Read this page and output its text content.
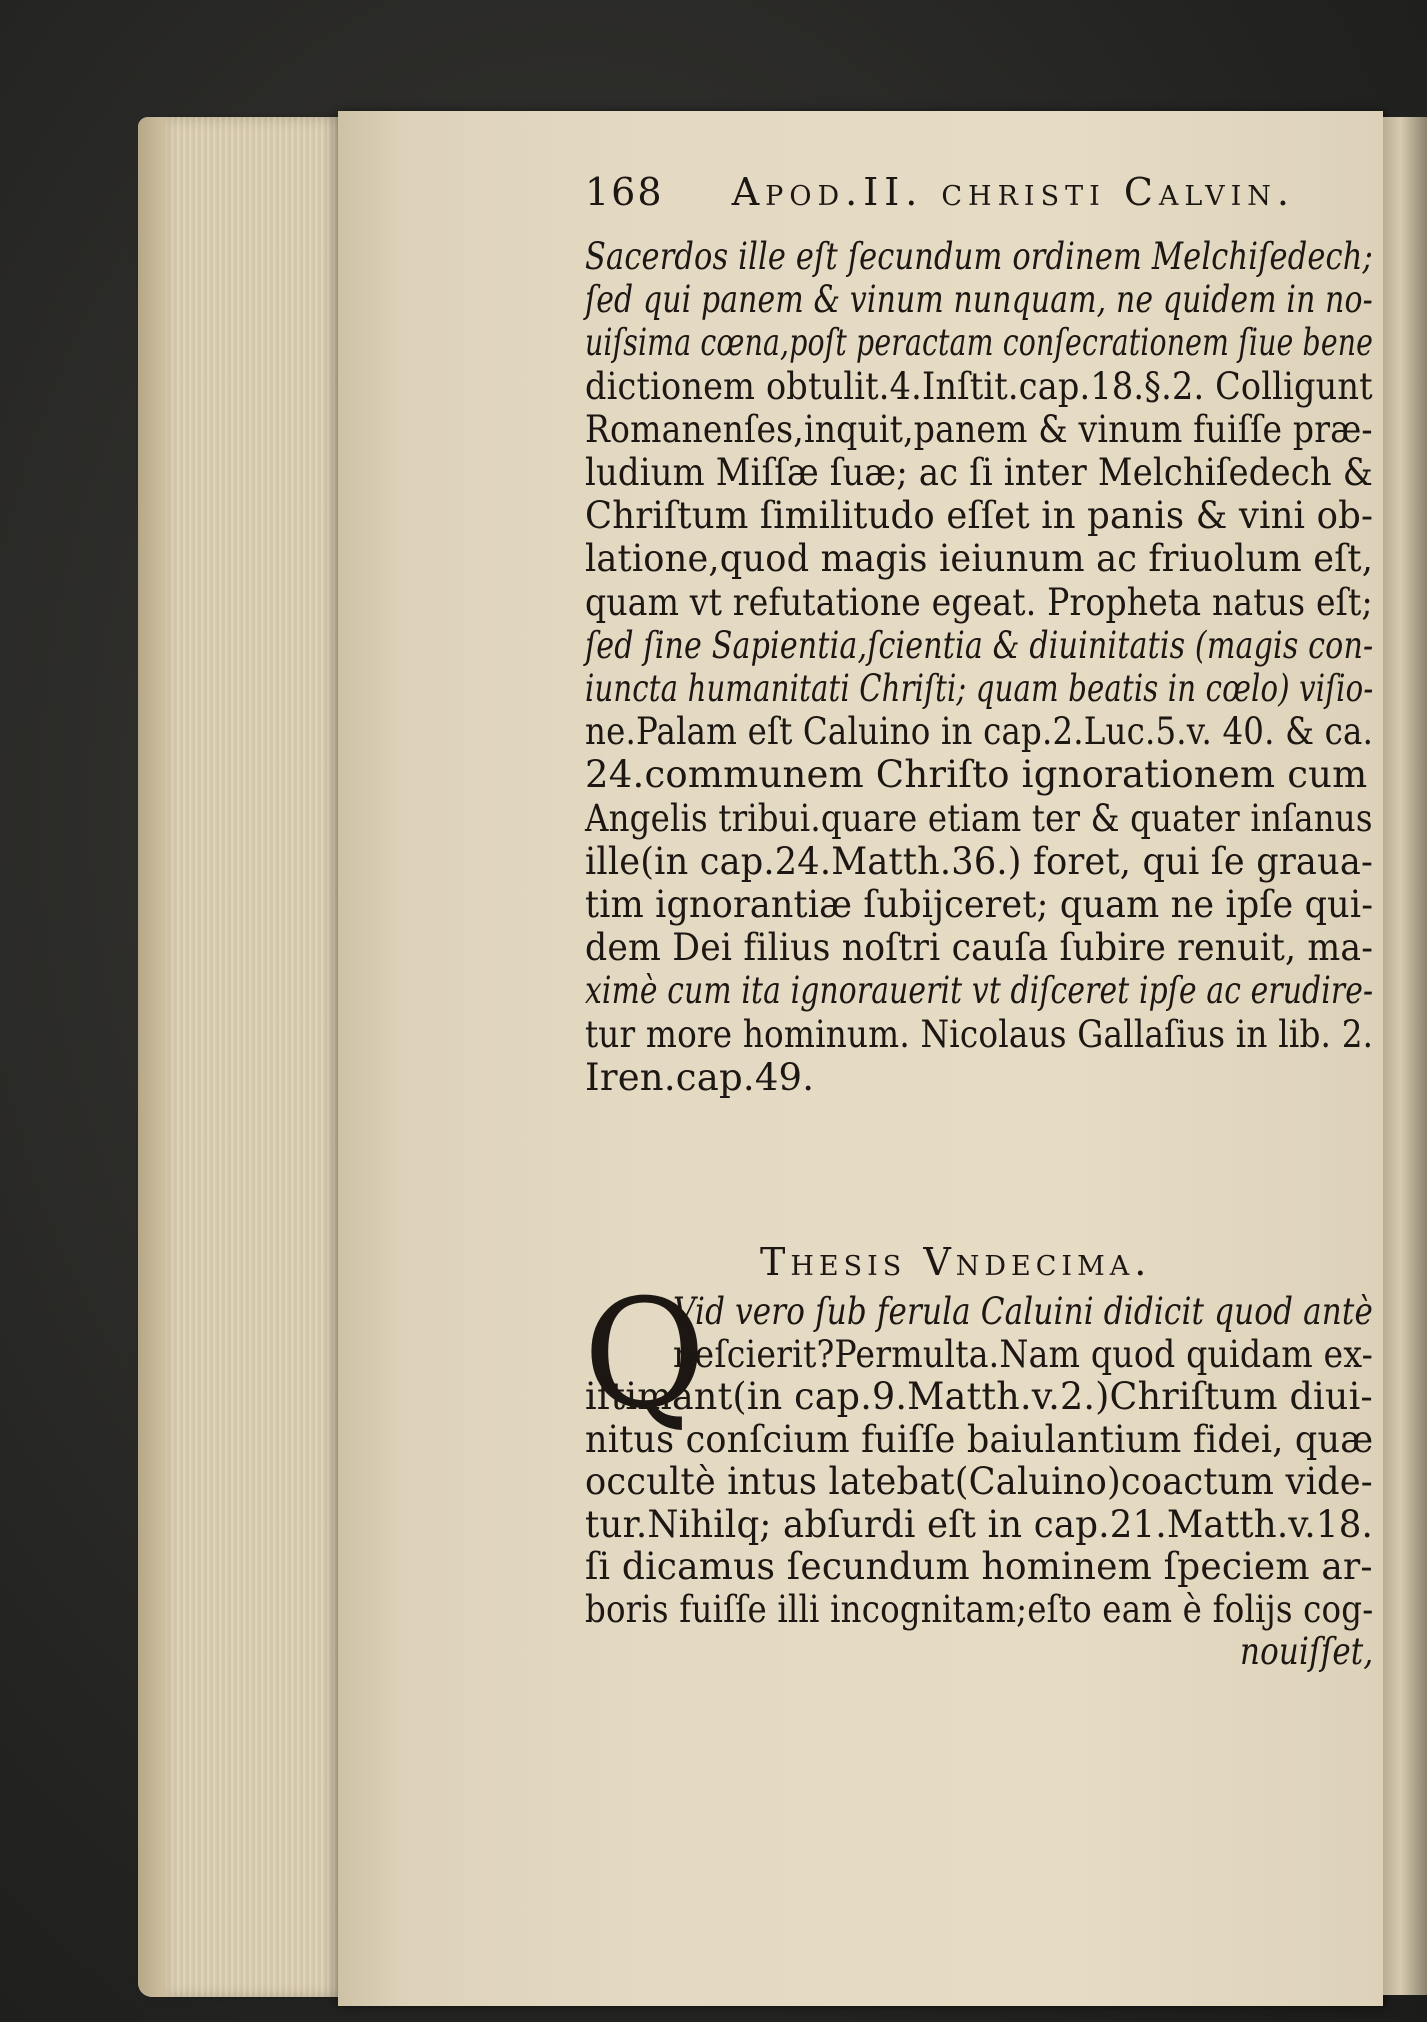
168 Apod.II. christi Calvin.
Sacerdos ille eſt ſecundum ordinem Melchiſedech;
ſed qui panem & vinum nunquam, ne quidem in no-
uiſsima cœna,poſt peractam conſecrationem ſiue bene
dictionem obtulit.4.Inſtit.cap.18.§.2. Colligunt
Romanenſes,inquit,panem & vinum fuiſſe præ-
ludium Miſſæ ſuæ; ac ſi inter Melchiſedech &
Chriſtum ſimilitudo eſſet in panis & vini ob-
latione,quod magis ieiunum ac friuolum eſt,
quam vt refutatione egeat. Propheta natus eſt;
ſed ſine Sapientia,ſcientia & diuinitatis (magis con-
iuncta humanitati Chriſti; quam beatis in cœlo) viſio-
ne.Palam eſt Caluino in cap.2.Luc.5.v. 40. & ca.
24.communem Chriſto ignorationem cum
Angelis tribui.quare etiam ter & quater inſanus
ille(in cap.24.Matth.36.) foret, qui ſe graua-
tim ignorantiæ ſubijceret; quam ne ipſe qui-
dem Dei filius noſtri cauſa ſubire renuit, ma-
ximè cum ita ignorauerit vt diſceret ipſe ac erudire-
tur more hominum. Nicolaus Gallaſius in lib. 2.
Iren.cap.49.
Thesis Vndecima.
Q
Vid vero ſub ferula Caluini didicit quod antè
neſcierit?Permulta.Nam quod quidam ex-
iſtimant(in cap.9.Matth.v.2.)Chriſtum diui-
nitus conſcium fuiſſe baiulantium fidei, quæ
occultè intus latebat(Caluino)coactum vide-
tur.Nihilq; abſurdi eſt in cap.21.Matth.v.18.
ſi dicamus ſecundum hominem ſpeciem ar-
boris fuiſſe illi incognitam;eſto eam è folijs cog-
nouiſſet,
